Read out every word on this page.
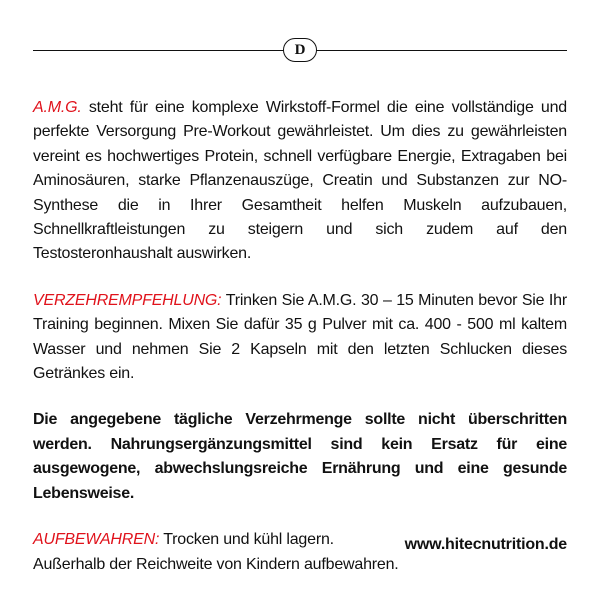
D

A.M.G. steht für eine komplexe Wirkstoff-Formel die eine vollständige und perfekte Versorgung Pre-Workout gewährleistet. Um dies zu gewährleisten vereint es hochwertiges Protein, schnell verfügbare Energie, Extragaben bei Aminosäuren, starke Pflanzenauszüge, Creatin und Substanzen zur NO-Synthese die in Ihrer Gesamtheit helfen Muskeln aufzubauen, Schnellkraftleistungen zu steigern und sich zudem auf den Testosteronhaushalt auswirken.

VERZEHREMPFEHLUNG: Trinken Sie A.M.G. 30 – 15 Minuten bevor Sie Ihr Training beginnen. Mixen Sie dafür 35 g Pulver mit ca. 400 - 500 ml kaltem Wasser und nehmen Sie 2 Kapseln mit den letzten Schlucken dieses Getränkes ein.

Die angegebene tägliche Verzehrmenge sollte nicht überschritten werden. Nahrungsergänzungsmittel sind kein Ersatz für eine ausgewogene, abwechslungsreiche Ernährung und eine gesunde Lebensweise.

AUFBEWAHREN: Trocken und kühl lagern.
Außerhalb der Reichweite von Kindern aufbewahren.

www.hitecnutrition.de
